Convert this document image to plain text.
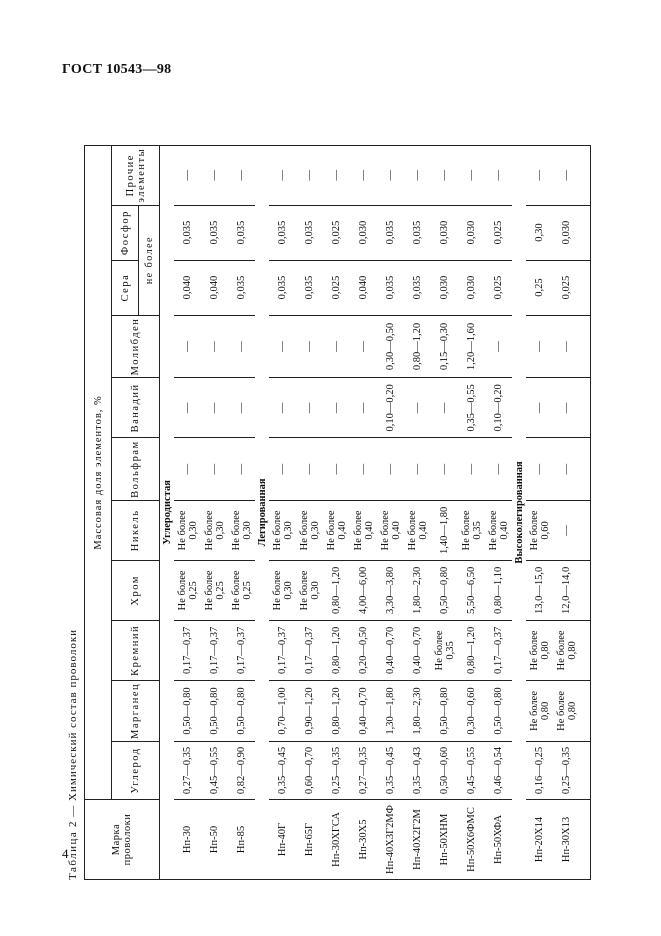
ГОСТ 10543—98
Таблица 2 — Химический состав проволоки
Марка проволоки	Массовая доля элементов, %										
	Углерод	Марганец	Кремний	Хром	Никель	Вольфрам	Ванадий	Молибден	Сера	Фосфор	Прочие элементы
									не более		
Углеродистая											
Нп-30	0,27—0,35	0,50—0,80	0,17—0,37	Не более 0,25	Не более 0,30	—	—	—	0,040	0,035	—
Нп-50	0,45—0,55	0,50—0,80	0,17—0,37	Не более 0,25	Не более 0,30	—	—	—	0,040	0,035	—
Нп-85	0,82—0,90	0,50—0,80	0,17—0,37	Не более 0,25	Не более 0,30	—	—	—	0,035	0,035	—
Легированная											
Нп-40Г	0,35—0,45	0,70—1,00	0,17—0,37	Не более 0,30	Не более 0,30	—	—	—	0,035	0,035	—
Нп-65Г	0,60—0,70	0,90—1,20	0,17—0,37	Не более 0,30	Не более 0,30	—	—	—	0,035	0,035	—
Нп-30ХГСА	0,25—0,35	0,80—1,20	0,80—1,20	0,80—1,20	Не более 0,40	—	—	—	0,025	0,025	—
Нп-30Х5	0,27—0,35	0,40—0,70	0,20—0,50	4,00—6,00	Не более 0,40	—	—	—	0,040	0,030	—
Нп-40Х3Г2МФ	0,35—0,45	1,30—1,80	0,40—0,70	3,30—3,80	Не более 0,40	—	0,10—0,20	0,30—0,50	0,035	0,035	—
Нп-40Х2Г2М	0,35—0,43	1,80—2,30	0,40—0,70	1,80—2,30	Не более 0,40	—	—	0,80—1,20	0,035	0,035	—
Нп-50ХНМ	0,50—0,60	0,50—0,80	Не более 0,35	0,50—0,80	1,40—1,80	—	—	0,15—0,30	0,030	0,030	—
Нп-50Х6ФМС	0,45—0,55	0,30—0,60	0,80—1,20	5,50—6,50	Не более 0,35	—	0,35—0,55	1,20—1,60	0,030	0,030	—
Нп-50ХФА	0,46—0,54	0,50—0,80	0,17—0,37	0,80—1,10	Не более 0,40	—	0,10—0,20	—	0,025	0,025	—
Высоколегированная											
Нп-20Х14	0,16—0,25	Не более 0,80	Не более 0,80	13,0—15,0	Не более 0,60	—	—	—	0,25	0,30	—
Нп-30Х13	0,25—0,35	Не более 0,80	Не более 0,80	12,0—14,0	—	—	—	—	0,025	0,030	—

4
